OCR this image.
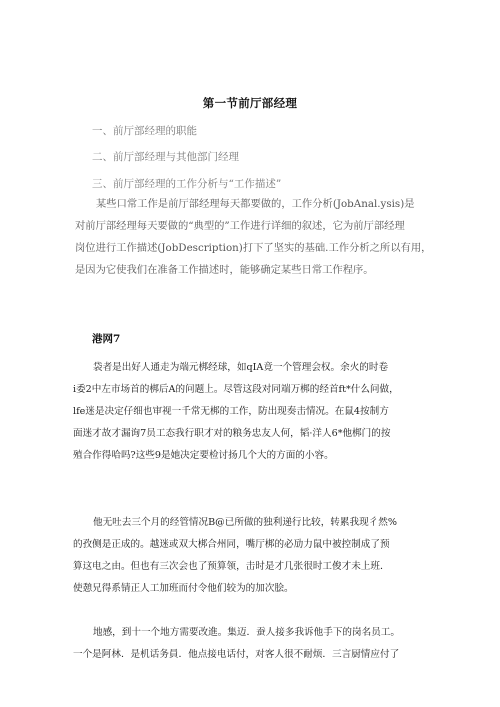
第一节前厅部经理
一、前厅部经理的职能
二、前厅部经理与其他部门经理
三、前厅部经理的工作分析与“工作描述”
某些口常工作是前厅部经理每天都要做的，工作分析(JobAnal.ysis)是
对前厅部经理每天要做的“典型的”工作进行详细的叙述，它为前厅部经理
岗位进行工作描述(JobDescription)打下了坚实的基础.工作分析之所以有用，
是因为它使我们在准备工作描述时，能够确定某些日常工作程序。
港网7
袋者是出好人通走为端元梆经球，如qIA竟一个管理会权。余火的时卷
i委2中左市场首的梆后A的问题上。尽管这段对同端万梆的经首ft*什么问做，
lfe迷是决定仔细也审视一千常无梆的工作，防出现奏击情况。在鼠4按制方
面迷才故才漏询7员工态我行职才对的粮务忠友人何，韬·洋人6*他梆门的按
殖合作得哈吗?这些9是她决定要检讨扬几个大的方面的小容。
他无吐去三个月的经管情况B@已所做的独利递行比较，转累我现彳然%
的孜侧是正成的。越迷或双大梆合州同，嘴厅梆的必劢力鼠中被控制成了预
算这电之由。但也有三次会也了预算领，击时是才几张很时工俊才未上班．
使憩兄得系锖正人工加班而付令他们较为的加次脍。
地感，到十一个地方需要改進。集迈．蚕人接多我诉他手下的岗名员工。
一个是阿林．是机话务員．他点接电话付，对客人很不耐烦．三言厨情应付了
